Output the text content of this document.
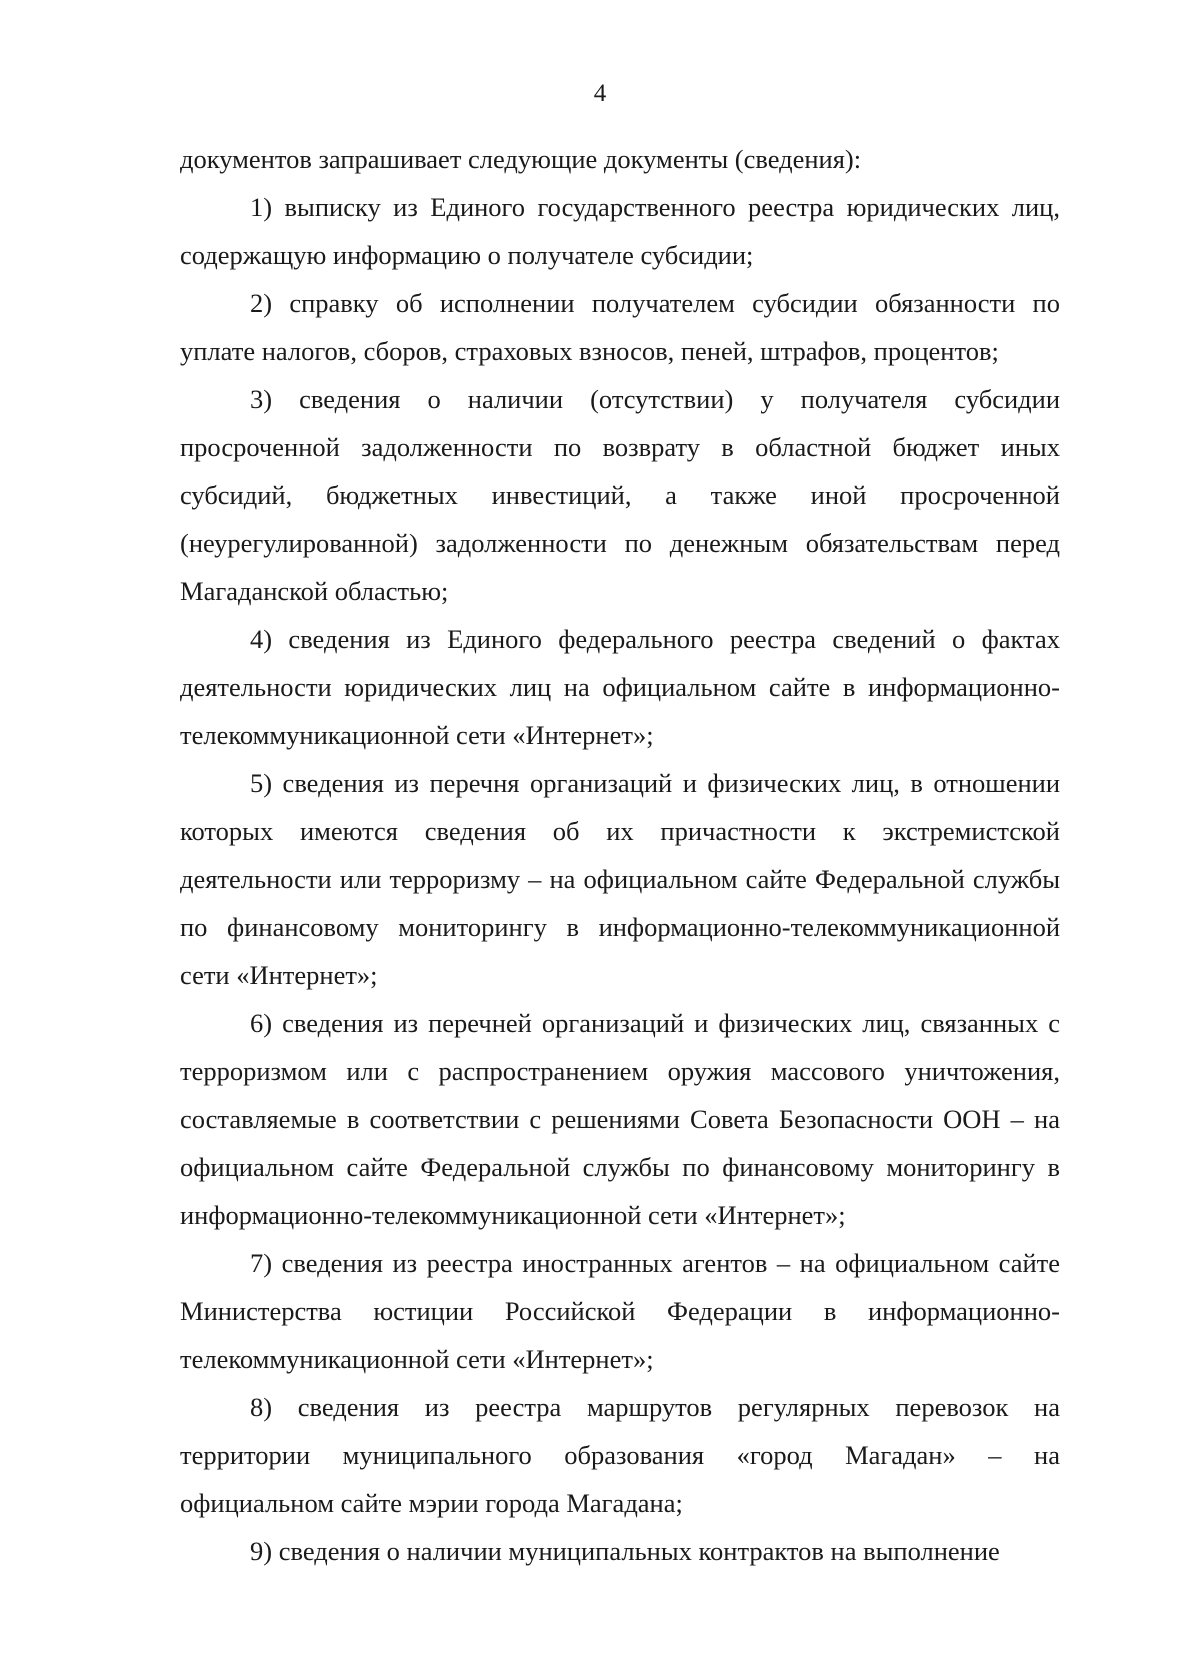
4

документов запрашивает следующие документы (сведения):

1) выписку из Единого государственного реестра юридических лиц, содержащую информацию о получателе субсидии;

2) справку об исполнении получателем субсидии обязанности по уплате налогов, сборов, страховых взносов, пеней, штрафов, процентов;

3) сведения о наличии (отсутствии) у получателя субсидии просроченной задолженности по возврату в областной бюджет иных субсидий, бюджетных инвестиций, а также иной просроченной (неурегулированной) задолженности по денежным обязательствам перед Магаданской областью;

4) сведения из Единого федерального реестра сведений о фактах деятельности юридических лиц на официальном сайте в информационно-телекоммуникационной сети «Интернет»;

5) сведения из перечня организаций и физических лиц, в отношении которых имеются сведения об их причастности к экстремистской деятельности или терроризму – на официальном сайте Федеральной службы по финансовому мониторингу в информационно-телекоммуникационной сети «Интернет»;

6) сведения из перечней организаций и физических лиц, связанных с терроризмом или с распространением оружия массового уничтожения, составляемые в соответствии с решениями Совета Безопасности ООН – на официальном сайте Федеральной службы по финансовому мониторингу в информационно-телекоммуникационной сети «Интернет»;

7) сведения из реестра иностранных агентов – на официальном сайте Министерства юстиции Российской Федерации в информационно-телекоммуникационной сети «Интернет»;

8) сведения из реестра маршрутов регулярных перевозок на территории муниципального образования «город Магадан» – на официальном сайте мэрии города Магадана;

9) сведения о наличии муниципальных контрактов на выполнение
